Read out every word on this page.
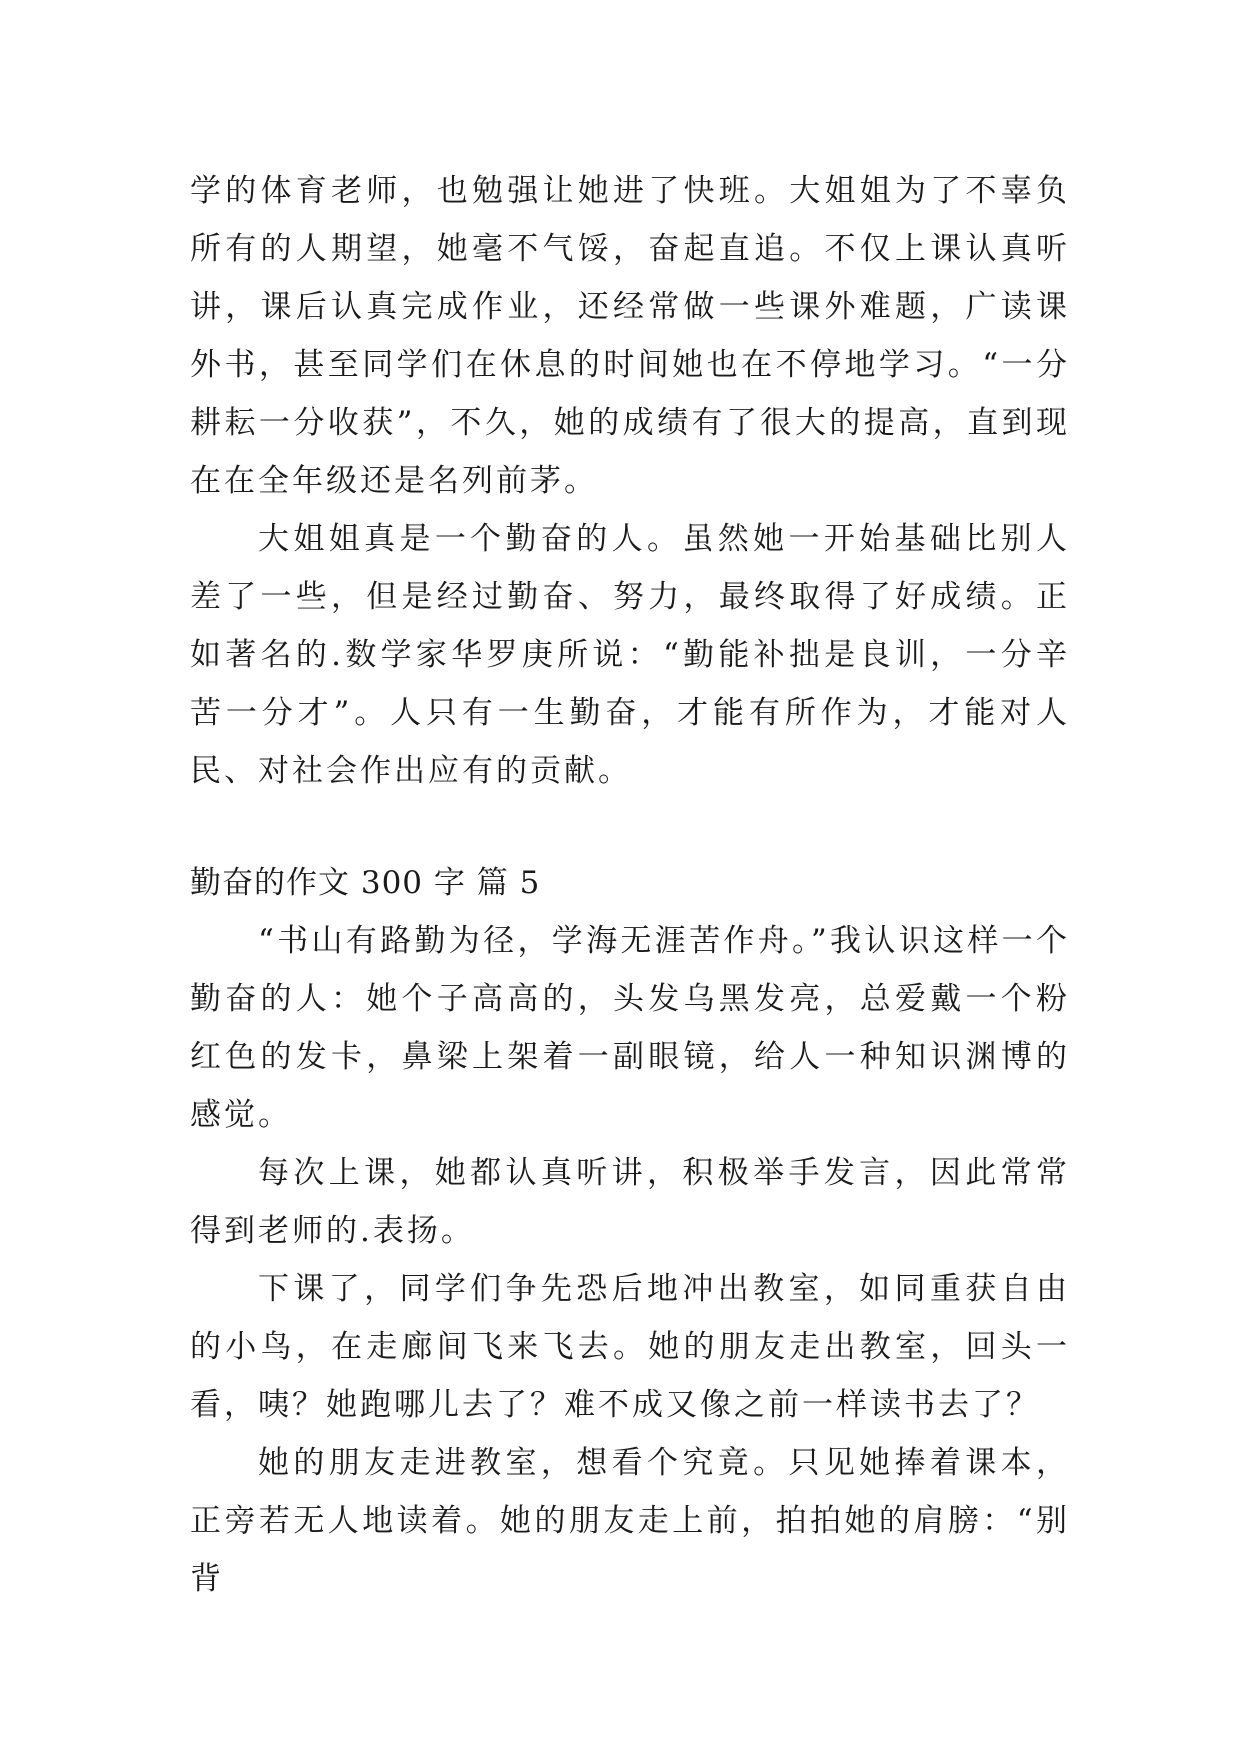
学的体育老师，也勉强让她进了快班。大姐姐为了不辜负所有的人期望，她毫不气馁，奋起直追。不仅上课认真听讲，课后认真完成作业，还经常做一些课外难题，广读课外书，甚至同学们在休息的时间她也在不停地学习。“一分耕耘一分收获”，不久，她的成绩有了很大的提高，直到现在在全年级还是名列前茅。

大姐姐真是一个勤奋的人。虽然她一开始基础比别人差了一些，但是经过勤奋、努力，最终取得了好成绩。正如著名的.数学家华罗庚所说：“勤能补拙是良训，一分辛苦一分才”。人只有一生勤奋，才能有所作为，才能对人民、对社会作出应有的贡献。

勤奋的作文 300 字 篇 5

“书山有路勤为径，学海无涯苦作舟。”我认识这样一个勤奋的人：她个子高高的，头发乌黑发亮，总爱戴一个粉红色的发卡，鼻梁上架着一副眼镜，给人一种知识渊博的感觉。

每次上课，她都认真听讲，积极举手发言，因此常常得到老师的.表扬。

下课了，同学们争先恐后地冲出教室，如同重获自由的小鸟，在走廊间飞来飞去。她的朋友走出教室，回头一看，咦？她跑哪儿去了？难不成又像之前一样读书去了？

她的朋友走进教室，想看个究竟。只见她捧着课本，正旁若无人地读着。她的朋友走上前，拍拍她的肩膀：“别背
